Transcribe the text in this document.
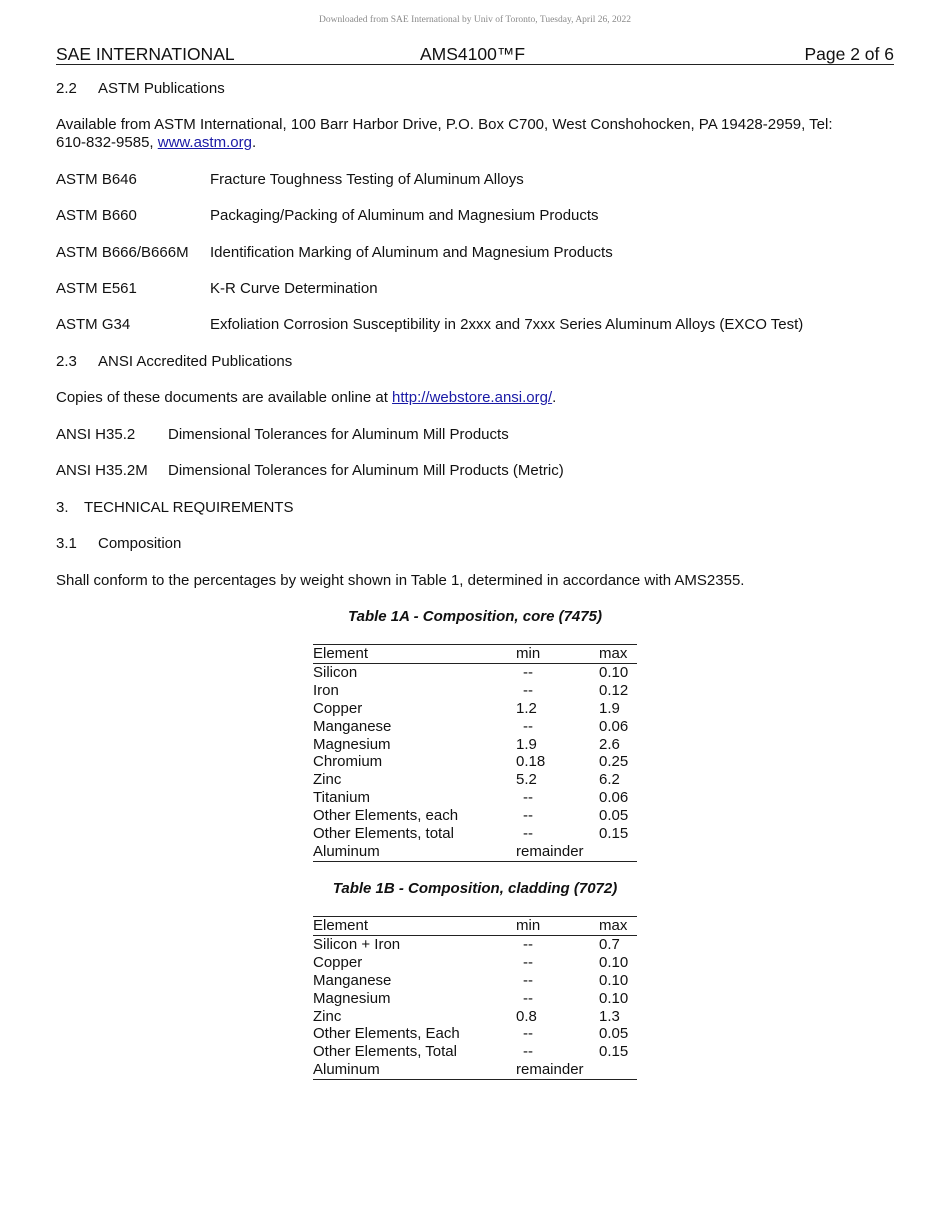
Downloaded from SAE International by Univ of Toronto, Tuesday, April 26, 2022
SAE INTERNATIONAL	AMS4100™F	Page 2 of 6
2.2 ASTM Publications
Available from ASTM International, 100 Barr Harbor Drive, P.O. Box C700, West Conshohocken, PA 19428-2959, Tel:
610-832-9585, www.astm.org.
ASTM B646	Fracture Toughness Testing of Aluminum Alloys
ASTM B660	Packaging/Packing of Aluminum and Magnesium Products
ASTM B666/B666M Identification Marking of Aluminum and Magnesium Products
ASTM E561	K-R Curve Determination
ASTM G34	Exfoliation Corrosion Susceptibility in 2xxx and 7xxx Series Aluminum Alloys (EXCO Test)
2.3 ANSI Accredited Publications
Copies of these documents are available online at http://webstore.ansi.org/.
ANSI H35.2 Dimensional Tolerances for Aluminum Mill Products
ANSI H35.2M Dimensional Tolerances for Aluminum Mill Products (Metric)
3. TECHNICAL REQUIREMENTS
3.1 Composition
Shall conform to the percentages by weight shown in Table 1, determined in accordance with AMS2355.
Table 1A - Composition, core (7475)
Element	min	max
Silicon	--	0.10
Iron	--	0.12
Copper	1.2	1.9
Manganese	--	0.06
Magnesium	1.9	2.6
Chromium	0.18	0.25
Zinc	5.2	6.2
Titanium	--	0.06
Other Elements, each	--	0.05
Other Elements, total	--	0.15
Aluminum	remainder	
Table 1B - Composition, cladding (7072)
Element	min	max
Silicon + Iron	--	0.7
Copper	--	0.10
Manganese	--	0.10
Magnesium	--	0.10
Zinc	0.8	1.3
Other Elements, Each	--	0.05
Other Elements, Total	--	0.15
Aluminum	remainder	
